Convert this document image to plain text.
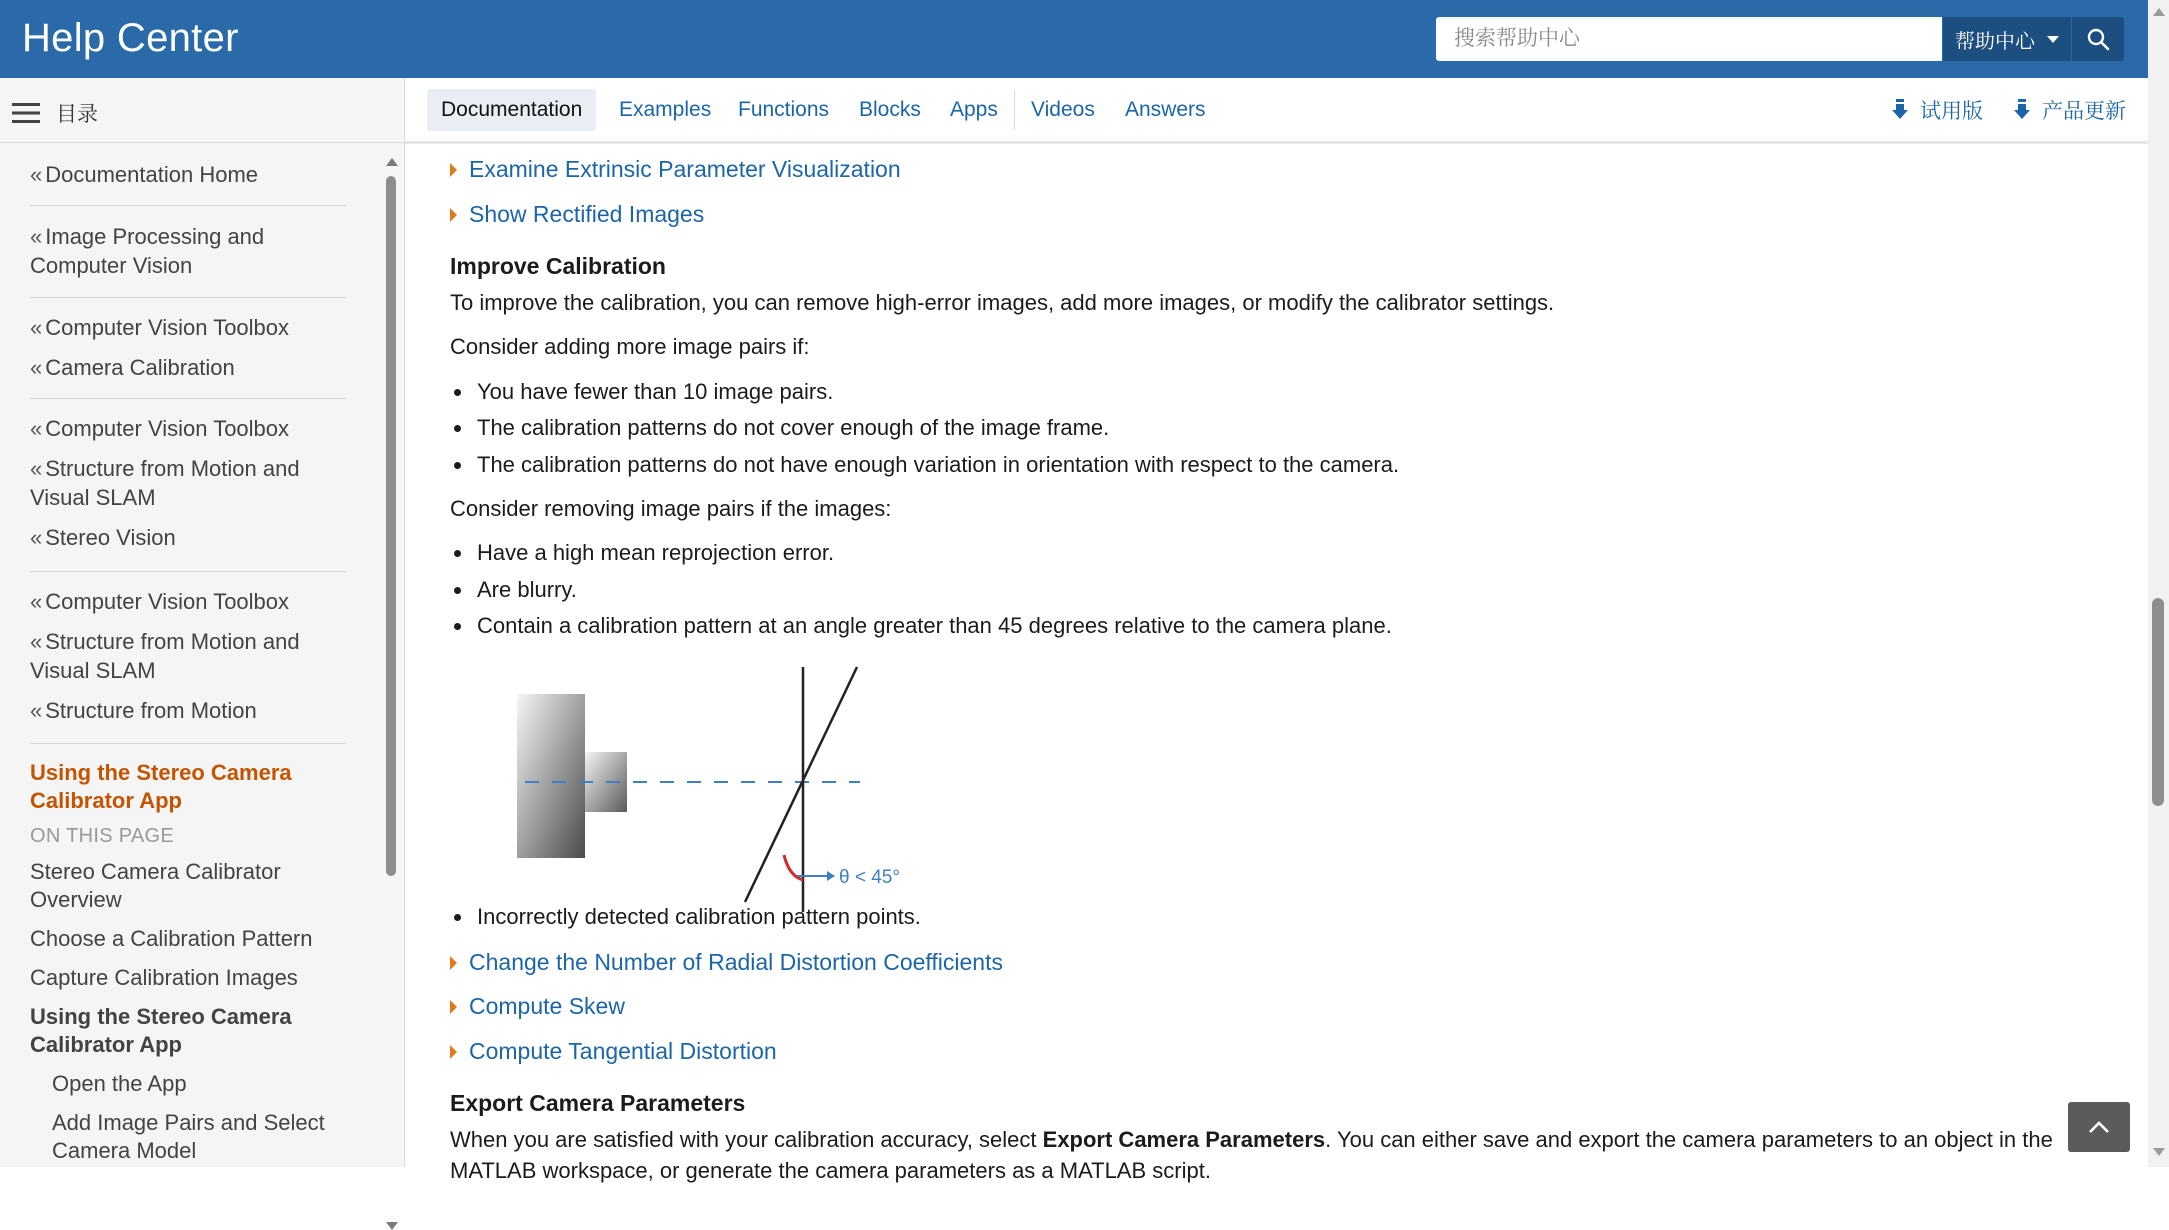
Help Center
搜索帮助中心	帮助中心
目录
« Documentation Home
« Image Processing and Computer Vision
« Computer Vision Toolbox
« Camera Calibration
« Computer Vision Toolbox
« Structure from Motion and Visual SLAM
« Stereo Vision
« Computer Vision Toolbox
« Structure from Motion and Visual SLAM
« Structure from Motion
Using the Stereo Camera Calibrator App
ON THIS PAGE
Stereo Camera Calibrator Overview
Choose a Calibration Pattern
Capture Calibration Images
Using the Stereo Camera Calibrator App
Open the App
Add Image Pairs and Select Camera Model
Documentation	Examples Functions Blocks Apps Videos Answers	试用版	产品更新
Examine Extrinsic Parameter Visualization
Show Rectified Images
Improve Calibration
To improve the calibration, you can remove high-error images, add more images, or modify the calibrator settings.
Consider adding more image pairs if:
You have fewer than 10 image pairs.
The calibration patterns do not cover enough of the image frame.
The calibration patterns do not have enough variation in orientation with respect to the camera.
Consider removing image pairs if the images:
Have a high mean reprojection error.
Are blurry.
Contain a calibration pattern at an angle greater than 45 degrees relative to the camera plane.
θ < 45°
Incorrectly detected calibration pattern points.
Change the Number of Radial Distortion Coefficients
Compute Skew
Compute Tangential Distortion
Export Camera Parameters
When you are satisfied with your calibration accuracy, select Export Camera Parameters. You can either save and export the camera parameters to an object in the
MATLAB workspace, or generate the camera parameters as a MATLAB script.
